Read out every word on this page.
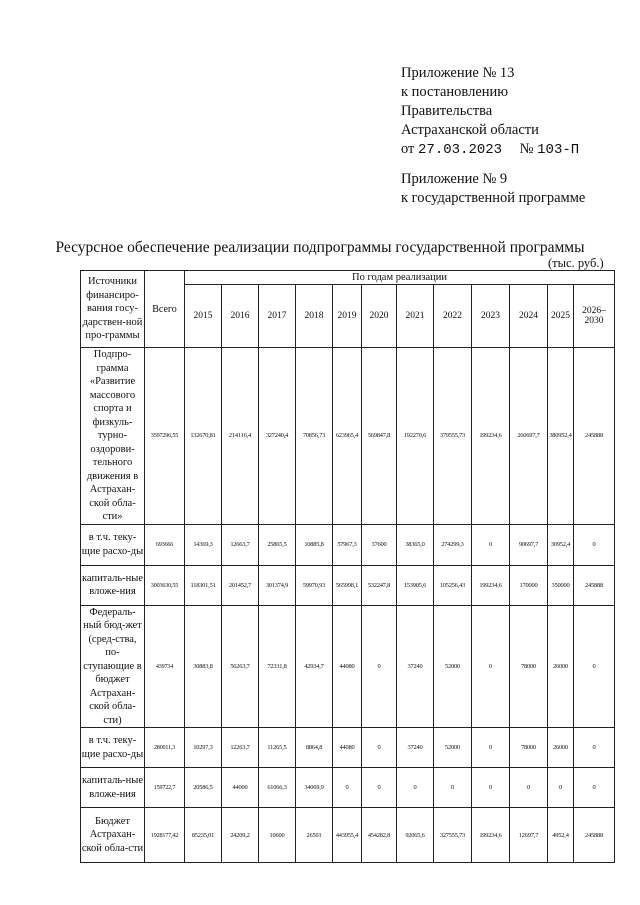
Приложение № 13
к постановлению
Правительства
Астраханской области
от 27.03.2023 № 103-П
Приложение № 9
к государственной программе
Ресурсное обеспечение реализации подпрограммы государственной программы
(тыс. руб.)
Источники финансиро-вания госу-дарствен-ной про-граммы	Всего	По годам реализации											
		2015	2016	2017	2018	2019	2020	2021	2022	2023	2024	2025	2026–2030
Подпро-грамма «Развитие массового спорта и физкуль-турно-оздорови-тельного движения в Астрахан-ской обла-сти»	3597296,55	132670,81	214116,4	327240,4	70856,73	623965,4	569847,8	192270,6	379555,73	199234,6	260697,7	380952,4	245888
в т.ч. теку-щие расхо-ды	693666	14369,3	12663,7	25865,5	10885,8	57967,3	37600	38365,0	274299,3	0	90697,7	30952,4	0
капиталь-ные вложе-ния	3003630,55	118301,51	201452,7	301374,9	59970,93	565998,1	532247,8	153905,6	105256,43	199234,6	170000	350000	245888
Федераль-ный бюд-жет (сред-ства, по-ступающие в бюджет Астрахан-ской обла-сти)	439734	30883,8	56263,7	72331,8	42934,7	44080	0	37240	52000	0	78000	26000	0
в т.ч. теку-щие расхо-ды	280011,3	10297,3	12263,7	11265,5	8864,8	44080	0	37240	52000	0	78000	26000	0
капиталь-ные вложе-ния	159722,7	20586,5	44000	61066,3	34069,9	0	0	0	0	0	0	0	0
Бюджет Астрахан-ской обла-сти	1928177,42	85235,01	24209,2	10600	26501	443955,4	454282,8	92065,6	327555,73	199234,6	12697,7	4952,4	245888
